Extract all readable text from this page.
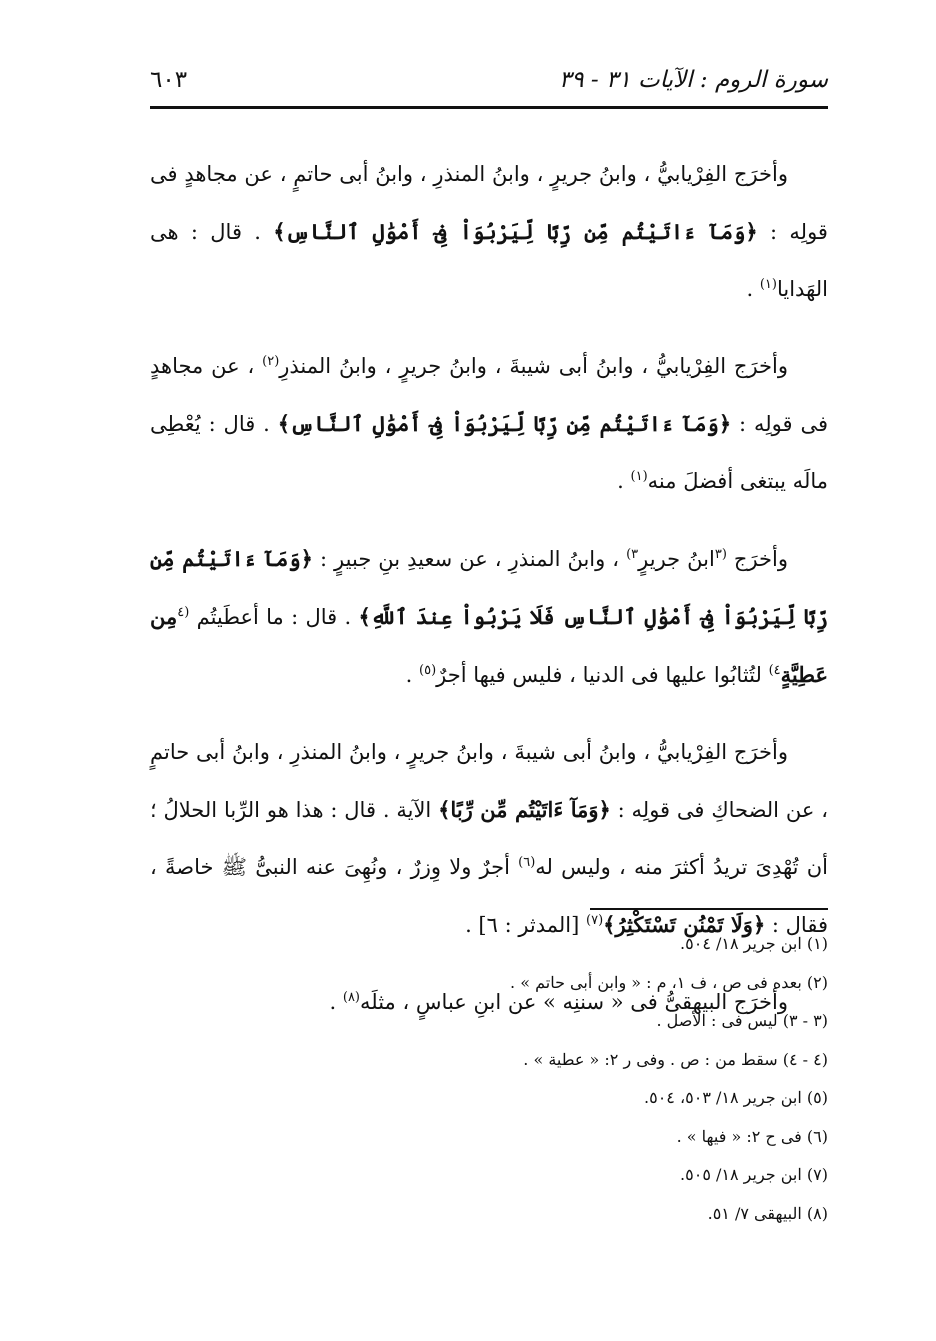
سورة الروم : الآيات ٣١ - ٣٩
٦٠٣

وأخرَج الفِرْيابيُّ ، وابنُ جريرٍ ، وابنُ المنذرِ ، وابنُ أبى حاتمٍ ، عن مجاهدٍ فى قولِه : ﴿وَمَآ ءَاتَيْتُم مِّن رِّبًا لِّيَرْبُوَاْ فِىٓ أَمْوَٰلِ ٱلنَّاسِ﴾ . قال : هى الهَدايا$^{(١)}$ .

وأخرَج الفِرْيابيُّ ، وابنُ أبى شيبةَ ، وابنُ جريرٍ ، وابنُ المنذرِ$^{(٢)}$ ، عن مجاهدٍ فى قولِه : ﴿وَمَآ ءَاتَيْتُم مِّن رِّبًا لِّيَرْبُوَاْ فِىٓ أَمْوَٰلِ ٱلنَّاسِ﴾ . قال : يُعْطِى مالَه يبتغى أفضلَ منه$^{(١)}$ .

وأخرَج $^{(٣}$ابنُ جريرٍ$^{٣)}$ ، وابنُ المنذرِ ، عن سعيدِ بنِ جبيرٍ : ﴿وَمَآ ءَاتَيْتُم مِّن رِّبًا لِّيَرْبُوَاْ فِىٓ أَمْوَٰلِ ٱلنَّاسِ فَلَا يَرْبُواْ عِندَ ٱللَّهِ﴾ . قال : ما أعطَيتُم $^{(٤}$مِن عَطِيَّةٍ$^{٤)}$ لتُثابُوا عليها فى الدنيا ، فليس فيها أجرٌ$^{(٥)}$ .

وأخرَج الفِرْيابيُّ ، وابنُ أبى شيبةَ ، وابنُ جريرٍ ، وابنُ المنذرِ ، وابنُ أبى حاتمٍ ، عن الضحاكِ فى قولِه : ﴿وَمَآ ءَاتَيْتُم مِّن رِّبًا﴾ الآية . قال : هذا هو الرِّبا الحلالُ ؛ أن تُهْدِىَ تريدُ أكثرَ منه ، وليس له$^{(٦)}$ أجرٌ ولا وِزرٌ ، ونُهِىَ عنه النبىُّ ﷺ خاصةً ، فقال : ﴿وَلَا تَمْنُن تَسْتَكْثِرُ﴾$^{(٧)}$ [المدثر : ٦] .

وأخرَج البيهقىُّ فى « سننِه » عن ابنِ عباسٍ ، مثلَه$^{(٨)}$ .

(١) ابن جرير ١٨/ ٥٠٤.
(٢) بعده فى ص ، ف ١، م : « وابن أبى حاتم » .
(٣ - ٣) ليس فى : الأصل .
(٤ - ٤) سقط من : ص . وفى ر ٢: « عطية » .
(٥) ابن جرير ١٨/ ٥٠٣، ٥٠٤.
(٦) فى ح ٢: « فيها » .
(٧) ابن جرير ١٨/ ٥٠٥.
(٨) البيهقى ٧/ ٥١.
